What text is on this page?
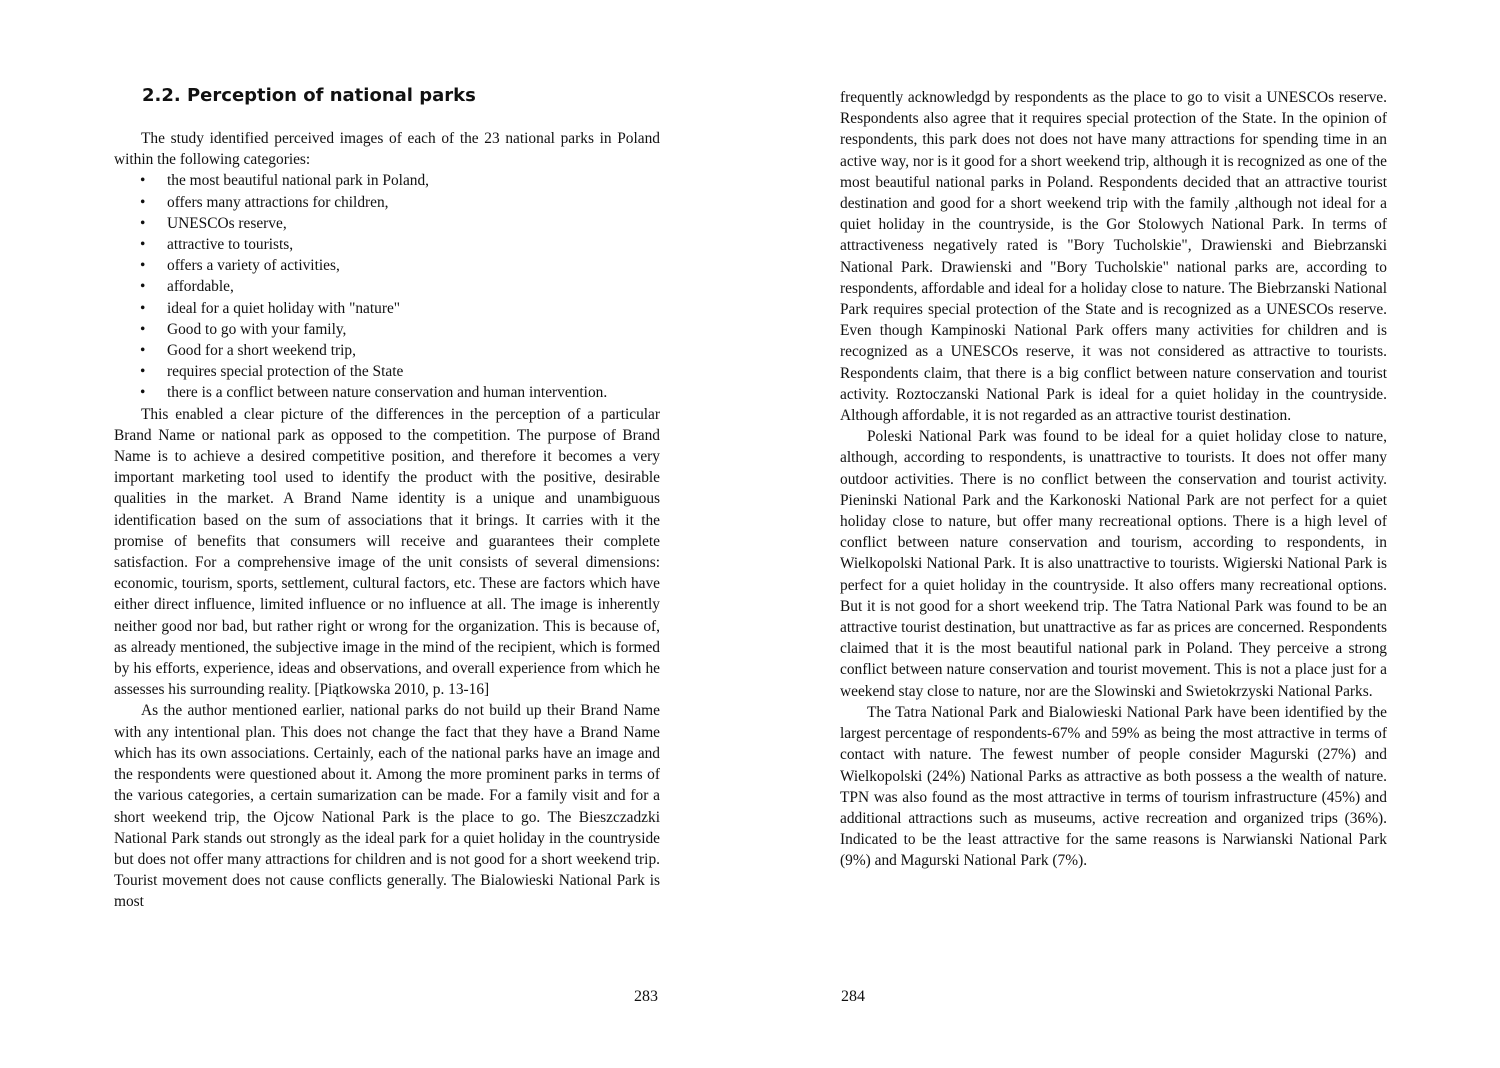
2.2. Perception of national parks

The study identified perceived images of each of the 23 national parks in Poland within the following categories:

• the most beautiful national park in Poland,
• offers many attractions for children,
• UNESCOs reserve,
• attractive to tourists,
• offers a variety of activities,
• affordable,
• ideal for a quiet holiday with "nature"
• Good to go with your family,
• Good for a short weekend trip,
• requires special protection of the State
• there is a conflict between nature conservation and human intervention.

This enabled a clear picture of the differences in the perception of a particular Brand Name or national park as opposed to the competition. The purpose of Brand Name is to achieve a desired competitive position, and therefore it becomes a very important marketing tool used to identify the product with the positive, desirable qualities in the market. A Brand Name identity is a unique and unambiguous identification based on the sum of associations that it brings. It carries with it the promise of benefits that consumers will receive and guarantees their complete satisfaction. For a comprehensive image of the unit consists of several dimensions: economic, tourism, sports, settlement, cultural factors, etc. These are factors which have either direct influence, limited influence or no influence at all. The image is inherently neither good nor bad, but rather right or wrong for the organization. This is because of, as already mentioned, the subjective image in the mind of the recipient, which is formed by his efforts, experience, ideas and observations, and overall experience from which he assesses his surrounding reality. [Piątkowska 2010, p. 13-16]

As the author mentioned earlier, national parks do not build up their Brand Name with any intentional plan. This does not change the fact that they have a Brand Name which has its own associations. Certainly, each of the national parks have an image and the respondents were questioned about it. Among the more prominent parks in terms of the various categories, a certain sumarization can be made. For a family visit and for a short weekend trip, the Ojcow National Park is the place to go. The Bieszczadzki National Park stands out strongly as the ideal park for a quiet holiday in the countryside but does not offer many attractions for children and is not good for a short weekend trip. Tourist movement does not cause conflicts generally. The Bialowieski National Park is most

283

frequently acknowledgd by respondents as the place to go to visit a UNESCOs reserve. Respondents also agree that it requires special protection of the State. In the opinion of respondents, this park does not does not have many attractions for spending time in an active way, nor is it good for a short weekend trip, although it is recognized as one of the most beautiful national parks in Poland. Respondents decided that an attractive tourist destination and good for a short weekend trip with the family ,although not ideal for a quiet holiday in the countryside, is the Gor Stolowych National Park. In terms of attractiveness negatively rated is "Bory Tucholskie", Drawienski and Biebrzanski National Park. Drawienski and "Bory Tucholskie" national parks are, according to respondents, affordable and ideal for a holiday close to nature. The Biebrzanski National Park requires special protection of the State and is recognized as a UNESCOs reserve. Even though Kampinoski National Park offers many activities for children and is recognized as a UNESCOs reserve, it was not considered as attractive to tourists. Respondents claim, that there is a big conflict between nature conservation and tourist activity. Roztoczanski National Park is ideal for a quiet holiday in the countryside. Although affordable, it is not regarded as an attractive tourist destination.

Poleski National Park was found to be ideal for a quiet holiday close to nature, although, according to respondents, is unattractive to tourists. It does not offer many outdoor activities. There is no conflict between the conservation and tourist activity. Pieninski National Park and the Karkonoski National Park are not perfect for a quiet holiday close to nature, but offer many recreational options. There is a high level of conflict between nature conservation and tourism, according to respondents, in Wielkopolski National Park. It is also unattractive to tourists. Wigierski National Park is perfect for a quiet holiday in the countryside. It also offers many recreational options. But it is not good for a short weekend trip. The Tatra National Park was found to be an attractive tourist destination, but unattractive as far as prices are concerned. Respondents claimed that it is the most beautiful national park in Poland. They perceive a strong conflict between nature conservation and tourist movement. This is not a place just for a weekend stay close to nature, nor are the Slowinski and Swietokrzyski National Parks.

The Tatra National Park and Bialowieski National Park have been identified by the largest percentage of respondents-67% and 59% as being the most attractive in terms of contact with nature. The fewest number of people consider Magurski (27%) and Wielkopolski (24%) National Parks as attractive as both possess a the wealth of nature. TPN was also found as the most attractive in terms of tourism infrastructure (45%) and additional attractions such as museums, active recreation and organized trips (36%). Indicated to be the least attractive for the same reasons is Narwianski National Park (9%) and Magurski National Park (7%).

284
